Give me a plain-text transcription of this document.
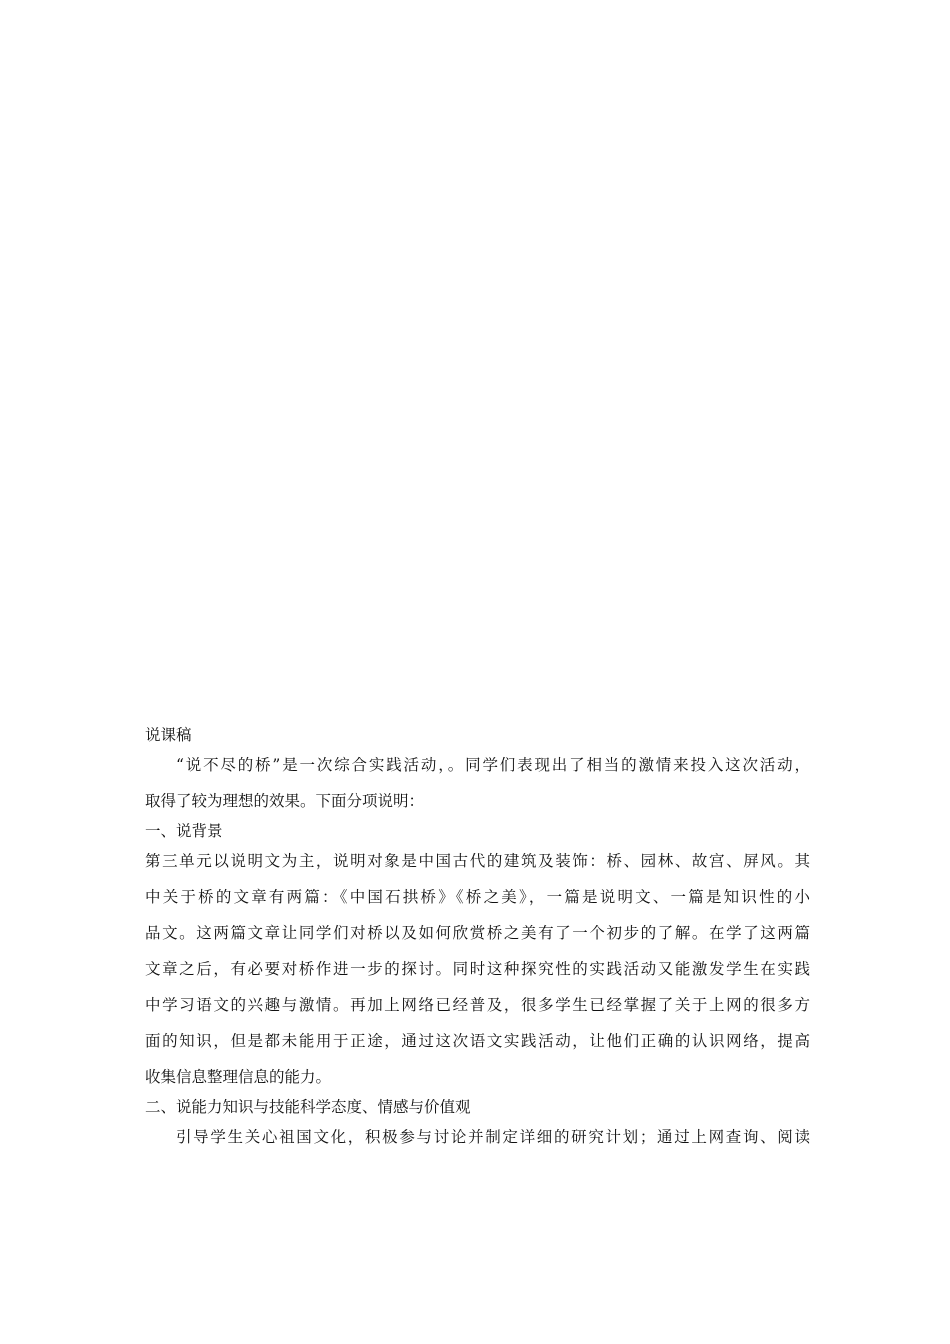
说课稿
“说不尽的桥”是一次综合实践活动，。同学们表现出了相当的激情来投入这次活动，
取得了较为理想的效果。下面分项说明：
一、说背景
第三单元以说明文为主，说明对象是中国古代的建筑及装饰：桥、园林、故宫、屏风。其
中关于桥的文章有两篇：《中国石拱桥》《桥之美》，一篇是说明文、一篇是知识性的小
品文。这两篇文章让同学们对桥以及如何欣赏桥之美有了一个初步的了解。在学了这两篇
文章之后，有必要对桥作进一步的探讨。同时这种探究性的实践活动又能激发学生在实践
中学习语文的兴趣与激情。再加上网络已经普及，很多学生已经掌握了关于上网的很多方
面的知识，但是都未能用于正途，通过这次语文实践活动，让他们正确的认识网络，提高
收集信息整理信息的能力。
二、说能力知识与技能科学态度、情感与价值观
引导学生关心祖国文化，积极参与讨论并制定详细的研究计划；通过上网查询、阅读
